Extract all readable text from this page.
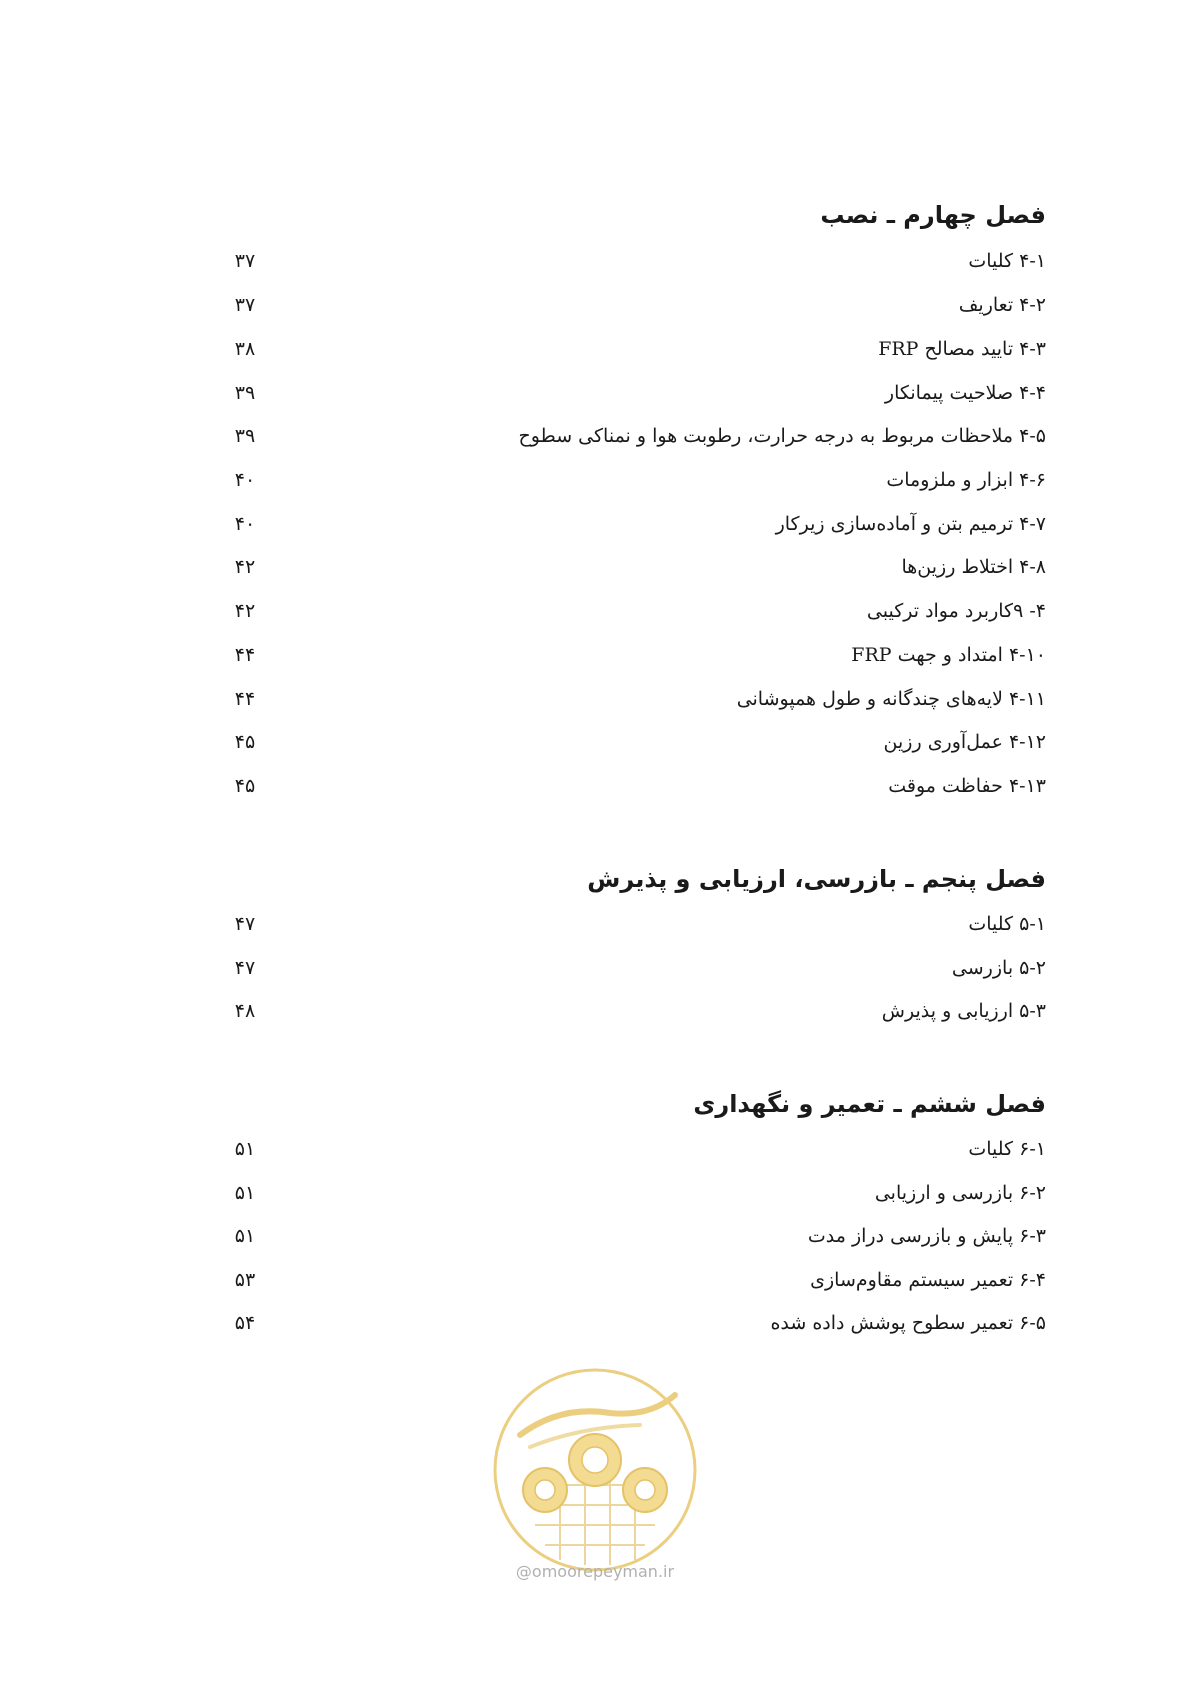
فصل چهارم ـ نصب
۴-۱ کلیات
۳۷
۴-۲ تعاریف
۳۷
۴-۳ تایید مصالح FRP
۳۸
۴-۴ صلاحیت پیمانکار
۳۹
۴-۵ ملاحظات مربوط به درجه حرارت، رطوبت هوا و نمناکی سطوح
۳۹
۴-۶ ابزار و ملزومات
۴۰
۴-۷ ترمیم بتن و آماده‌سازی زیرکار
۴۰
۴-۸ اختلاط رزین‌ها
۴۲
۴- ۹کاربرد مواد ترکیبی
۴۲
۴-۱۰ امتداد و جهت FRP
۴۴
۴-۱۱ لایه‌های چندگانه و طول همپوشانی
۴۴
۴-۱۲ عمل‌آوری رزین
۴۵
۴-۱۳ حفاظت موقت
۴۵
فصل پنجم ـ بازرسی، ارزیابی و پذیرش
۵-۱ کلیات
۴۷
۵-۲ بازرسی
۴۷
۵-۳ ارزیابی و پذیرش
۴۸
فصل ششم ـ تعمیر و نگهداری
۶-۱ کلیات
۵۱
۶-۲ بازرسی و ارزیابی
۵۱
۶-۳ پایش و بازرسی دراز مدت
۵۱
۶-۴ تعمیر سیستم مقاوم‌سازی
۵۳
۶-۵ تعمیر سطوح پوشش داده شده
۵۴
@omoorepeyman.ir
